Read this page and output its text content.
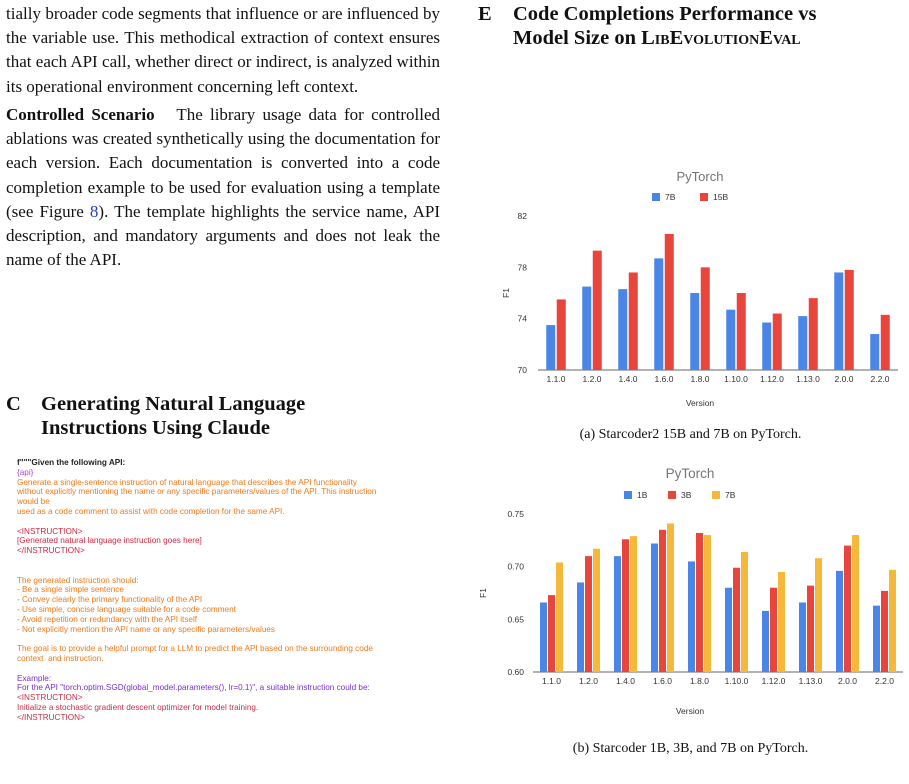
tially broader code segments that influence or are influenced by the variable use. This methodical extraction of context ensures that each API call, whether direct or indirect, is analyzed within its operational environment concerning left context.

Controlled Scenario The library usage data for controlled ablations was created synthetically using the documentation for each version. Each documentation is converted into a code completion example to be used for evaluation using a template (see Figure 8). The template highlights the service name, API description, and mandatory arguments and does not leak the name of the API.

C Generating Natural Language Instructions Using Claude
f"""Given the following API:
{api}
Generate a single-sentence instruction of natural language that describes the API functionality
without explicitly mentioning the name or any specific parameters/values of the API. This instruction
would be
used as a code comment to assist with code completion for the same API.
<INSTRUCTION>
[Generated natural language instruction goes here]
</INSTRUCTION>
The generated instruction should:
- Be a single simple sentence
- Convey clearly the primary functionality of the API
- Use simple, concise language suitable for a code comment
- Avoid repetition or redundancy with the API itself
- Not explicitly mention the API name or any specific parameters/values
The goal is to provide a helpful prompt for a LLM to predict the API based on the surrounding code
context  and instruction.
Example:
For the API "torch.optim.SGD(global_model.parameters(), lr=0.1)", a suitable instruction could be:
<INSTRUCTION>
Initialize a stochastic gradient descent optimizer for model training.
</INSTRUCTION>
E	Code Completions Performance vs
Model Size on LibEvolutionEval
PyTorch
7B	15B
70
74
78
82
1.1.0 1.2.0 1.4.0 1.6.0 1.8.0 1.10.0 1.12.0 1.13.0 2.0.0 2.2.0
Version
F1
(a) Starcoder2 15B and 7B on PyTorch.
PyTorch
1B	3B	7B
0.60
0.65
0.70
0.75
1.1.0 1.2.0 1.4.0 1.6.0 1.8.0 1.10.0 1.12.0 1.13.0 2.0.0 2.2.0
Version
F1
(b) Starcoder 1B, 3B, and 7B on PyTorch.
